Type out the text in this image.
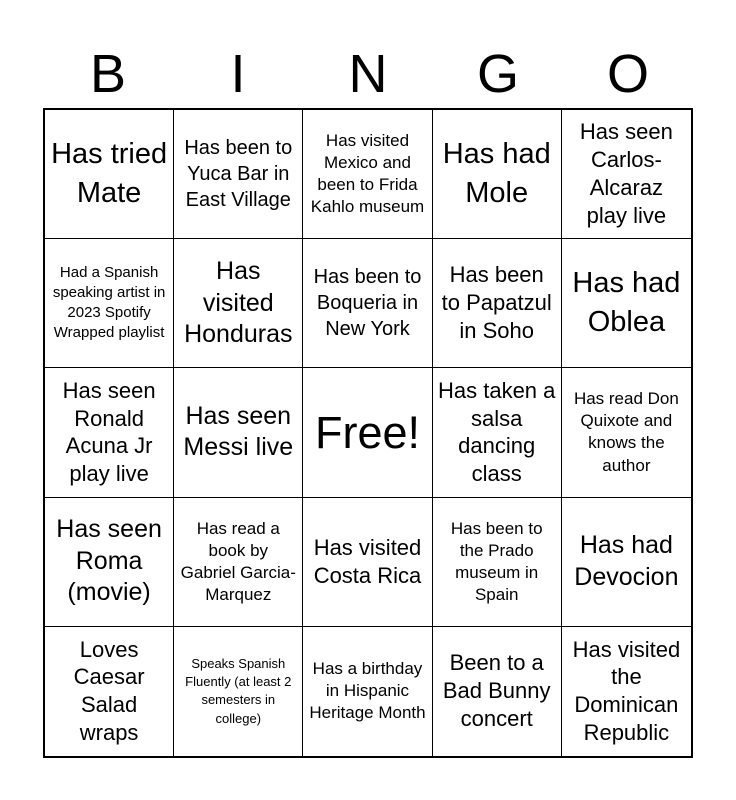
B	I	N	G	O
Has tried Mate
Has been to Yuca Bar in East Village
Has visited Mexico and been to Frida Kahlo museum
Has had Mole
Has seen Carlos-Alcaraz play live
Had a Spanish speaking artist in 2023 Spotify Wrapped playlist
Has visited Honduras
Has been to Boqueria in New York
Has been to Papatzul in Soho
Has had Oblea
Has seen Ronald Acuna Jr play live
Has seen Messi live Free!
Has taken a salsa dancing class
Has read Don Quixote and knows the author
Has seen Roma (movie)
Has read a book by Gabriel Garcia-Marquez
Has visited Costa Rica
Has been to the Prado museum in Spain
Has had Devocion
Loves Caesar Salad wraps
Speaks Spanish Fluently (at least 2 semesters in college)
Has a birthday in Hispanic Heritage Month
Been to a Bad Bunny concert
Has visited the Dominican Republic
